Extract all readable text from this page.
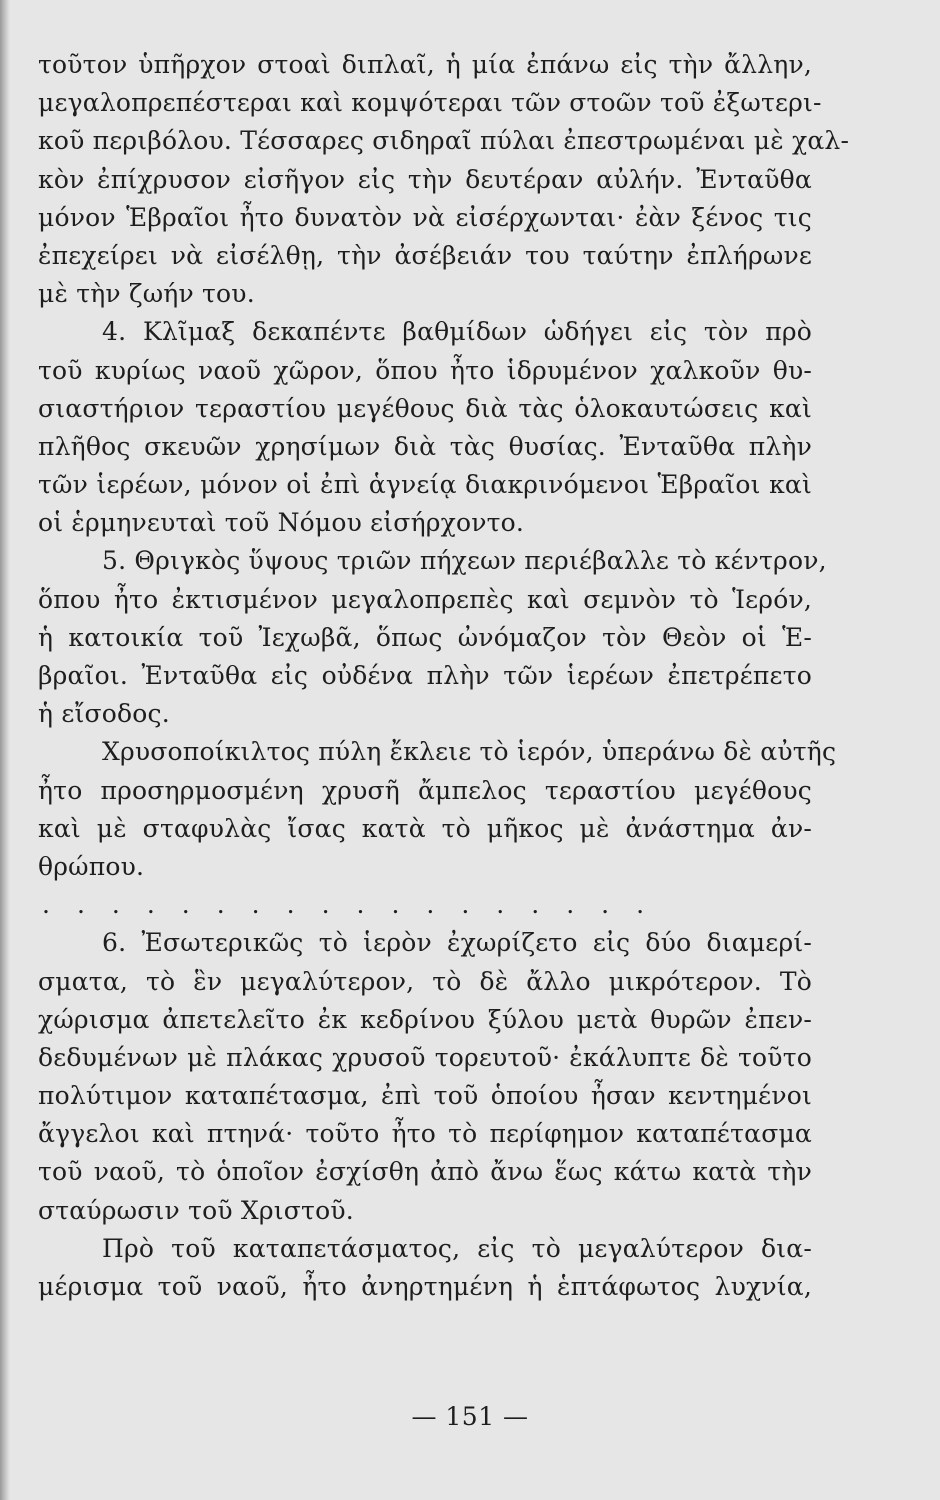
τοῦτον ὑπῆρχον στοαὶ διπλαῖ, ἡ μία ἐπάνω εἰς τὴν ἄλλην,
μεγαλοπρεπέστεραι καὶ κομψότεραι τῶν στοῶν τοῦ ἐξωτερι-
κοῦ περιβόλου. Τέσσαρες σιδηραῖ πύλαι ἐπεστρωμέναι μὲ χαλ-
κὸν ἐπίχρυσον εἰσῆγον εἰς τὴν δευτέραν αὐλήν. Ἐνταῦθα
μόνον Ἑβραῖοι ἦτο δυνατὸν νὰ εἰσέρχωνται· ἐὰν ξένος τις
ἐπεχείρει νὰ εἰσέλθῃ, τὴν ἀσέβειάν του ταύτην ἐπλήρωνε
μὲ τὴν ζωήν του.
4. Κλῖμαξ δεκαπέντε βαθμίδων ὡδήγει εἰς τὸν πρὸ
τοῦ κυρίως ναοῦ χῶρον, ὅπου ἦτο ἱδρυμένον χαλκοῦν θυ-
σιαστήριον τεραστίου μεγέθους διὰ τὰς ὁλοκαυτώσεις καὶ
πλῆθος σκευῶν χρησίμων διὰ τὰς θυσίας. Ἐνταῦθα πλὴν
τῶν ἱερέων, μόνον οἱ ἐπὶ ἁγνείᾳ διακρινόμενοι Ἑβραῖοι καὶ
οἱ ἑρμηνευταὶ τοῦ Νόμου εἰσήρχοντο.
5. Θριγκὸς ὕψους τριῶν πήχεων περιέβαλλε τὸ κέντρον,
ὅπου ἦτο ἐκτισμένον μεγαλοπρεπὲς καὶ σεμνὸν τὸ Ἱερόν,
ἡ κατοικία τοῦ Ἰεχωβᾶ, ὅπως ὠνόμαζον τὸν Θεὸν οἱ Ἑ-
βραῖοι. Ἐνταῦθα εἰς οὐδένα πλὴν τῶν ἱερέων ἐπετρέπετο
ἡ εἴσοδος.
Χρυσοποίκιλτος πύλη ἔκλειε τὸ ἱερόν, ὑπεράνω δὲ αὐτῆς
ἦτο προσηρμοσμένη χρυσῆ ἄμπελος τεραστίου μεγέθους
καὶ μὲ σταφυλὰς ἴσας κατὰ τὸ μῆκος μὲ ἀνάστημα ἀν-
θρώπου.
..................
6. Ἐσωτερικῶς τὸ ἱερὸν ἐχωρίζετο εἰς δύο διαμερί-
σματα, τὸ ἓν μεγαλύτερον, τὸ δὲ ἄλλο μικρότερον. Τὸ
χώρισμα ἀπετελεῖτο ἐκ κεδρίνου ξύλου μετὰ θυρῶν ἐπεν-
δεδυμένων μὲ πλάκας χρυσοῦ τορευτοῦ· ἐκάλυπτε δὲ τοῦτο
πολύτιμον καταπέτασμα, ἐπὶ τοῦ ὁποίου ἦσαν κεντημένοι
ἄγγελοι καὶ πτηνά· τοῦτο ἦτο τὸ περίφημον καταπέτασμα
τοῦ ναοῦ, τὸ ὁποῖον ἐσχίσθη ἀπὸ ἄνω ἕως κάτω κατὰ τὴν
σταύρωσιν τοῦ Χριστοῦ.
Πρὸ τοῦ καταπετάσματος, εἰς τὸ μεγαλύτερον δια-
μέρισμα τοῦ ναοῦ, ἦτο ἀνηρτημένη ἡ ἑπτάφωτος λυχνία,
— 151 —
